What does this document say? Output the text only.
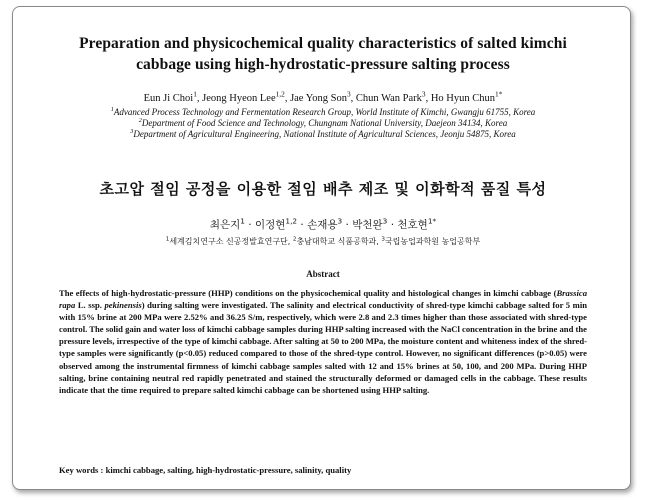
Preparation and physicochemical quality characteristics of salted kimchi
cabbage using high-hydrostatic-pressure salting process
Eun Ji Choi$^1$, Jeong Hyeon Lee$^{1,2}$, Jae Yong Son$^3$, Chun Wan Park$^3$, Ho Hyun Chun$^{1*}$
$^1$Advanced Process Technology and Fermentation Research Group, World Institute of Kimchi, Gwangju 61755, Korea
$^2$Department of Food Science and Technology, Chungnam National University, Daejeon 34134, Korea
$^3$Department of Agricultural Engineering, National Institute of Agricultural Sciences, Jeonju 54875, Korea
초고압 절임 공정을 이용한 절임 배추 제조 및 이화학적 품질 특성
최은지$^1$ · 이정현$^{1,2}$ · 손재용$^3$ · 박천완$^3$ · 천호현$^{1*}$
$^1$세계김치연구소 신공정발효연구단, $^2$충남대학교 식품공학과, $^3$국립농업과학원 농업공학부
Abstract
The effects of high-hydrostatic-pressure (HHP) conditions on the physicochemical quality and histological changes in kimchi cabbage (Brassica rapa L. ssp. pekinensis) during salting were investigated. The salinity and electrical conductivity of shred-type kimchi cabbage salted for 5 min with 15% brine at 200 MPa were 2.52% and 36.25 S/m, respectively, which were 2.8 and 2.3 times higher than those associated with shred-type control. The solid gain and water loss of kimchi cabbage samples during HHP salting increased with the NaCl concentration in the brine and the pressure levels, irrespective of the type of kimchi cabbage. After salting at 50 to 200 MPa, the moisture content and whiteness index of the shred-type samples were significantly (p<0.05) reduced compared to those of the shred-type control. However, no significant differences (p>0.05) were observed among the instrumental firmness of kimchi cabbage samples salted with 12 and 15% brines at 50, 100, and 200 MPa. During HHP salting, brine containing neutral red rapidly penetrated and stained the structurally deformed or damaged cells in the cabbage. These results indicate that the time required to prepare salted kimchi cabbage can be shortened using HHP salting.
Key words : kimchi cabbage, salting, high-hydrostatic-pressure, salinity, quality
